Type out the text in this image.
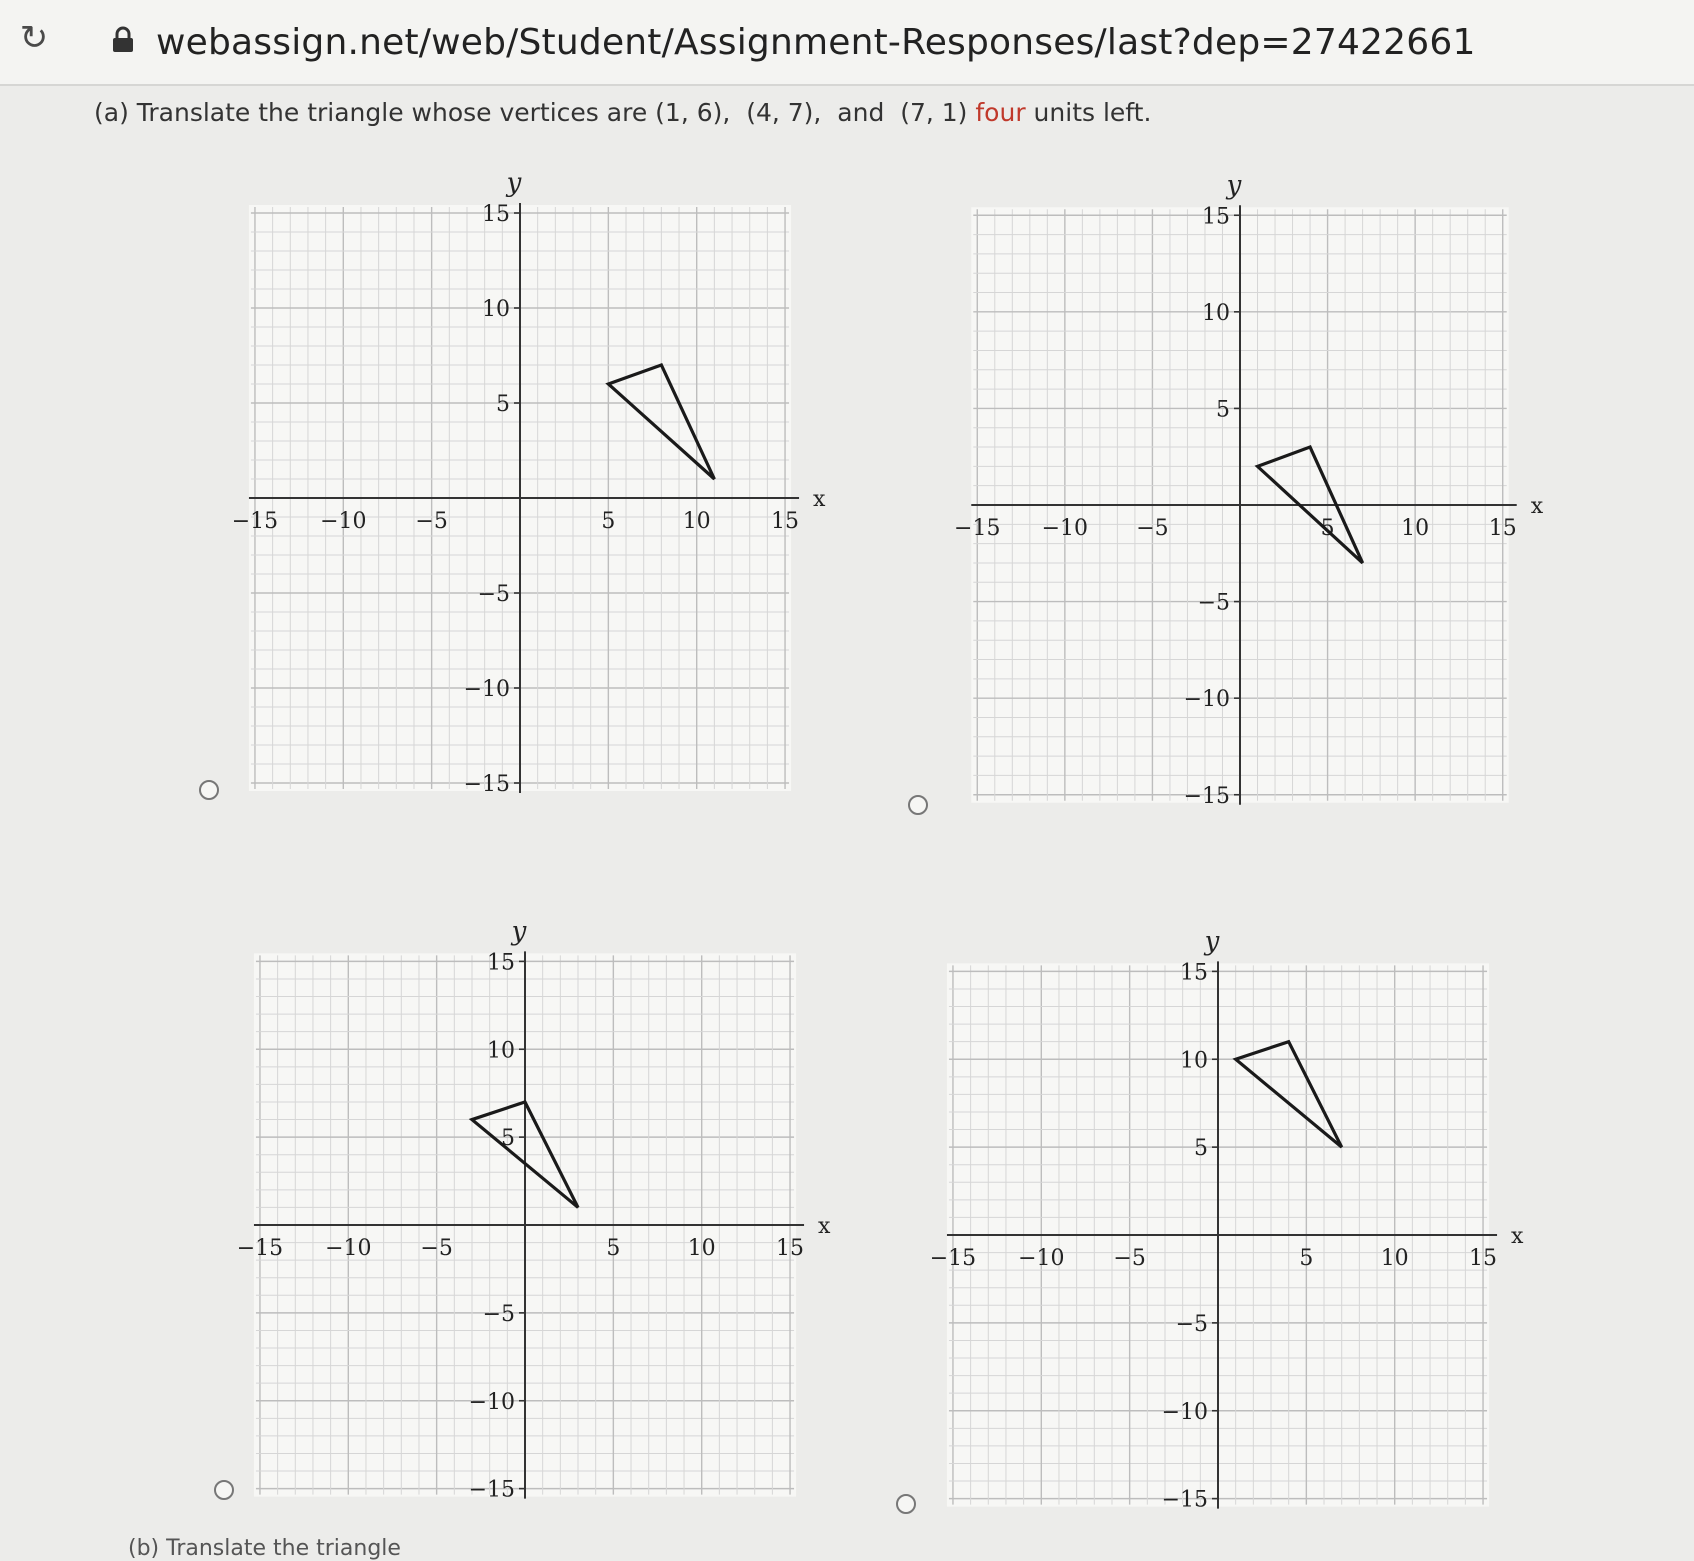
↻	webassign.net/web/Student/Assignment-Responses/last?dep=27422661
(a) Translate the triangle whose vertices are (1, 6),  (4, 7),  and  (7, 1) four units left.
x
y
−15
−15
−10
−10
−5
−5
5
5
10
10
15
15
x
y
−15
−15
−10
−10
−5
−5
5
5
10
10
15
15
x
y
−15
−15
−10
−10
−5
−5
5
5
10
10
15
15
x
y
−15
−15
−10
−10
−5
−5
5
5
10
10
15
15
(b) Translate the triangle
